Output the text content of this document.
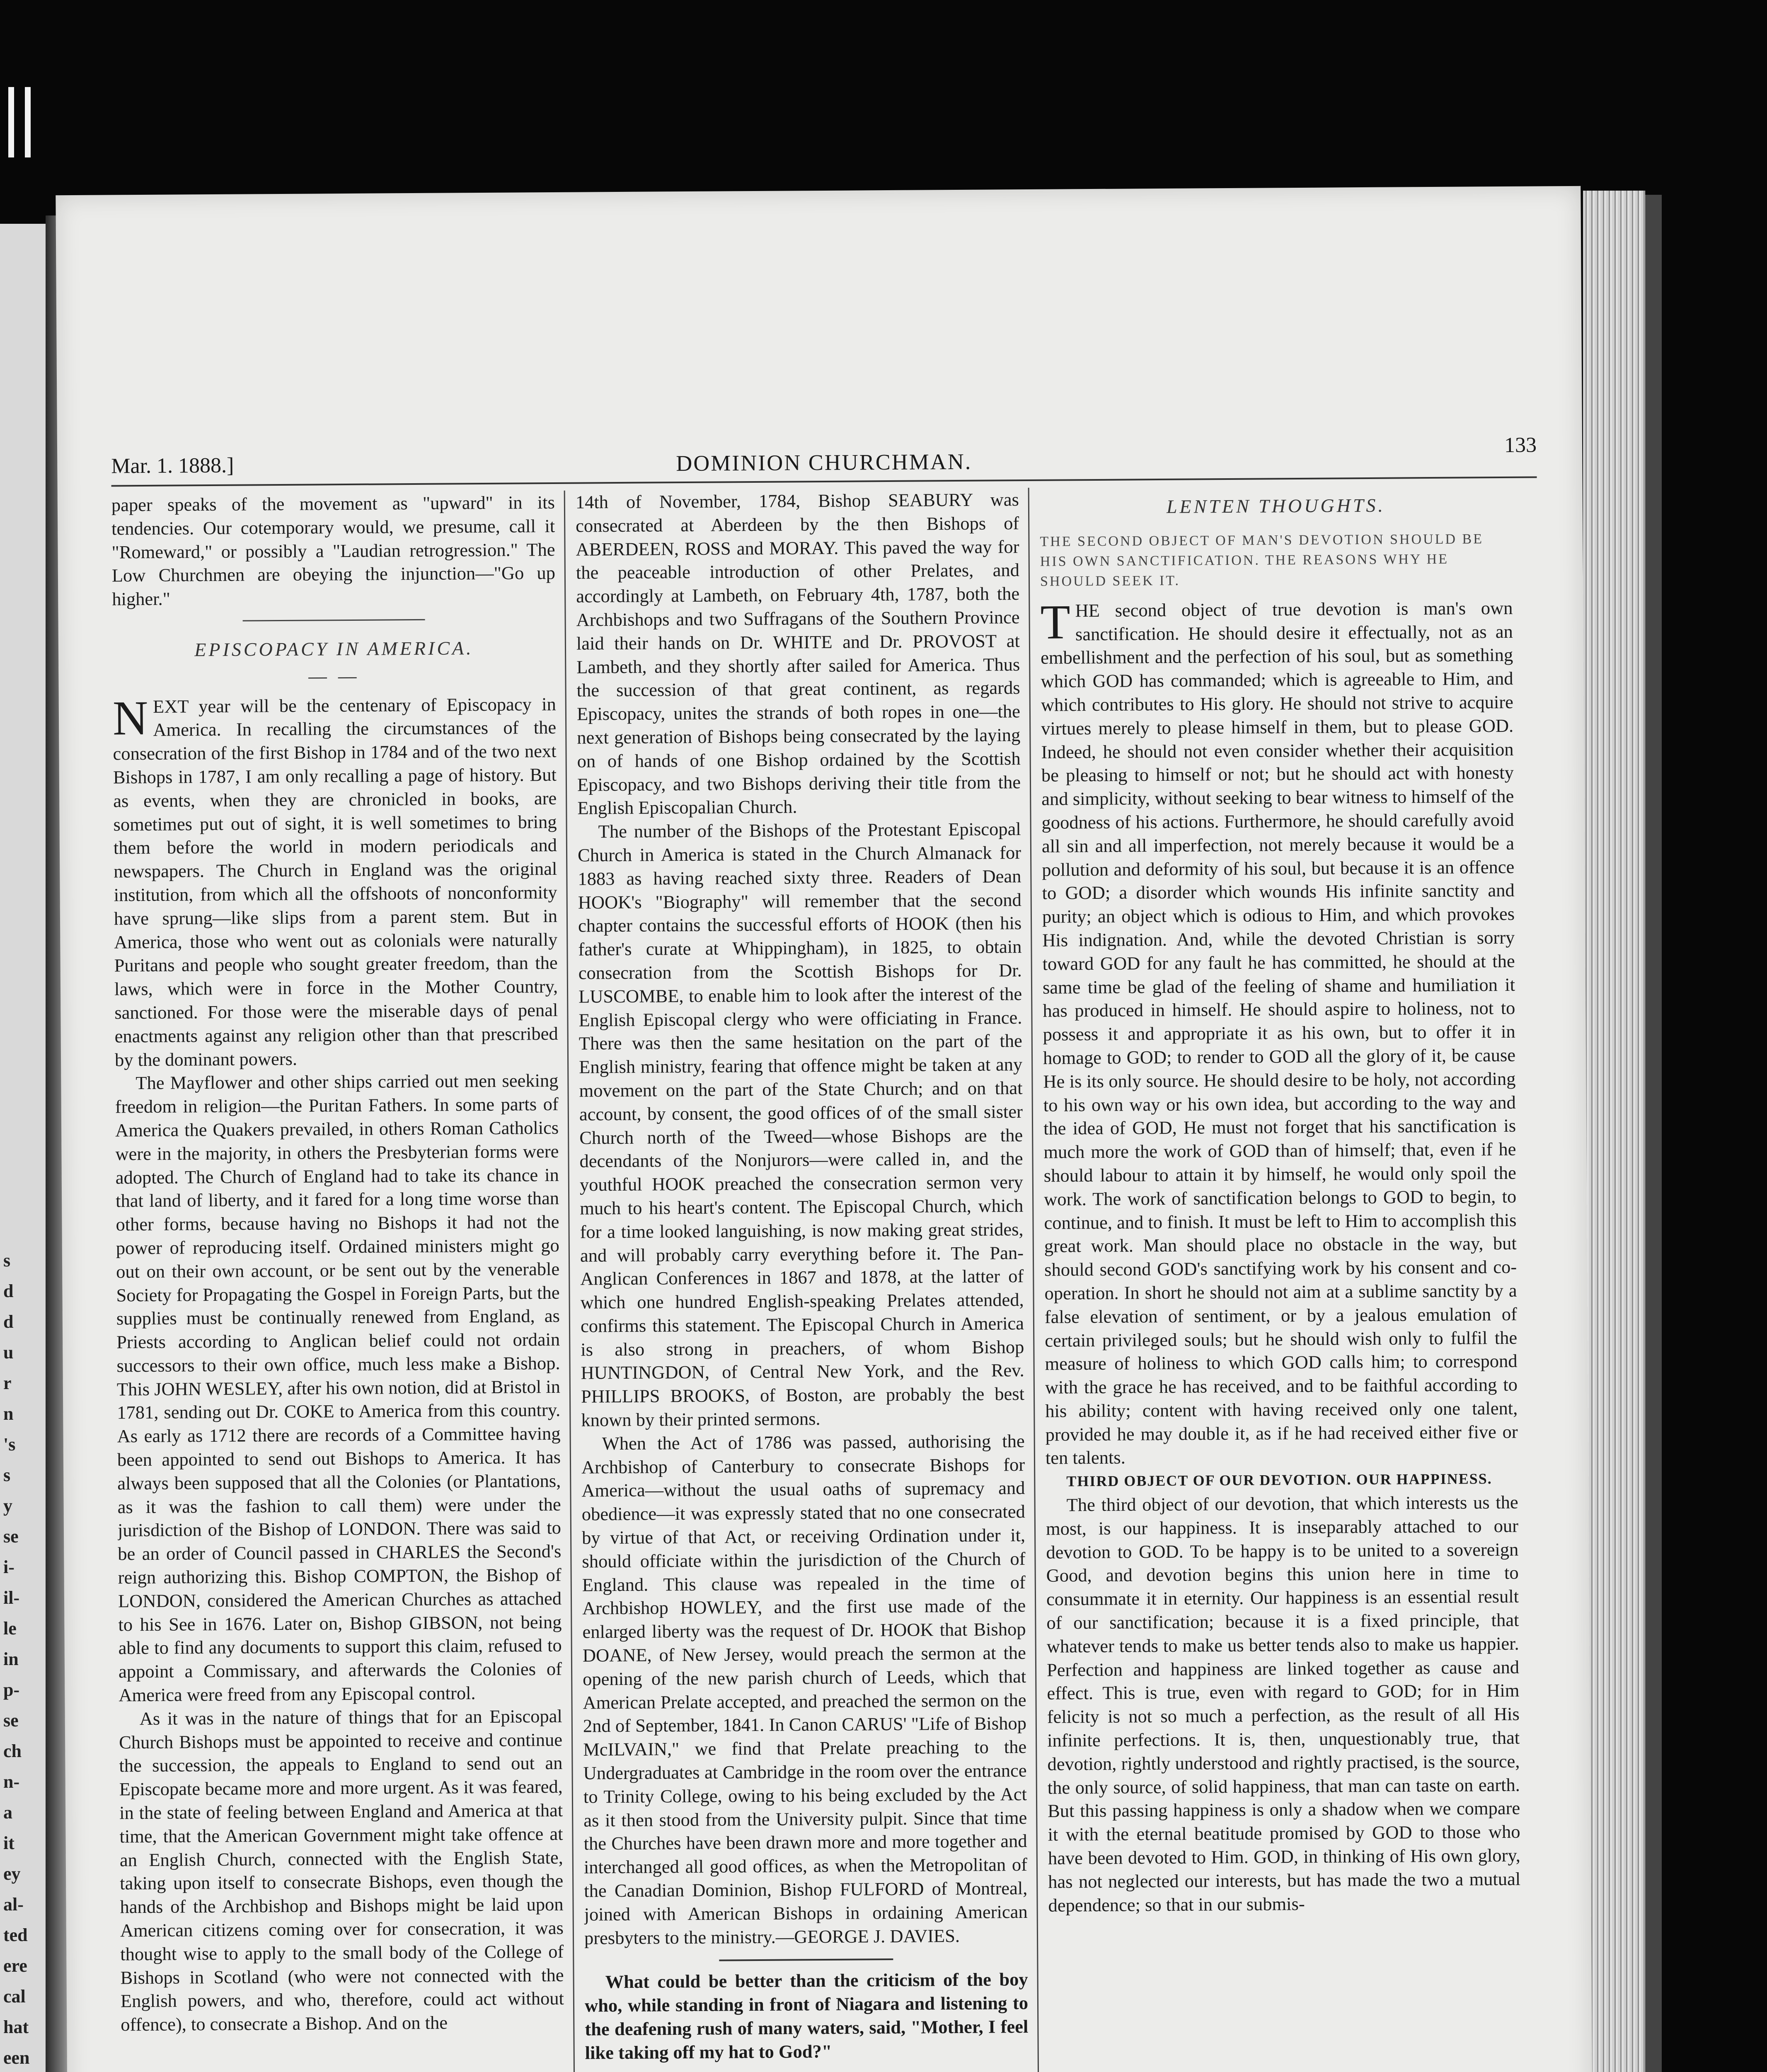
s
d
d
u
r
n
's
s
y
se
i-
il-
le
in
p-
se
ch
n-
a
it
ey
al-
ted
ere
cal
hat
een
Mar. 1. 1888.]	DOMINION CHURCHMAN.
133

paper speaks of the movement as "upward" in its tendencies. Our cotemporary would, we presume, call it "Romeward," or possibly a "Laudian retrogression." The Low Churchmen are obeying the injunction—"Go up higher."

EPISCOPACY IN AMERICA.
— —

NEXT year will be the centenary of Episcopacy in America. In recalling the circumstances of the consecration of the first Bishop in 1784 and of the two next Bishops in 1787, I am only recalling a page of history. But as events, when they are chronicled in books, are sometimes put out of sight, it is well sometimes to bring them before the world in modern periodicals and newspapers. The Church in England was the original institution, from which all the offshoots of nonconformity have sprung—like slips from a parent stem. But in America, those who went out as colonials were naturally Puritans and people who sought greater freedom, than the laws, which were in force in the Mother Country, sanctioned. For those were the miserable days of penal enactments against any religion other than that prescribed by the dominant powers.

The Mayflower and other ships carried out men seeking freedom in religion—the Puritan Fathers. In some parts of America the Quakers prevailed, in others Roman Catholics were in the majority, in others the Presbyterian forms were adopted. The Church of England had to take its chance in that land of liberty, and it fared for a long time worse than other forms, because having no Bishops it had not the power of reproducing itself. Ordained ministers might go out on their own account, or be sent out by the venerable Society for Propagating the Gospel in Foreign Parts, but the supplies must be continually renewed from England, as Priests according to Anglican belief could not ordain successors to their own office, much less make a Bishop. This JOHN WESLEY, after his own notion, did at Bristol in 1781, sending out Dr. COKE to America from this country. As early as 1712 there are records of a Committee having been appointed to send out Bishops to America. It has always been supposed that all the Colonies (or Plantations, as it was the fashion to call them) were under the jurisdiction of the Bishop of LONDON. There was said to be an order of Council passed in CHARLES the Second's reign authorizing this. Bishop COMPTON, the Bishop of LONDON, considered the American Churches as attached to his See in 1676. Later on, Bishop GIBSON, not being able to find any documents to support this claim, refused to appoint a Commissary, and afterwards the Colonies of America were freed from any Episcopal control.

As it was in the nature of things that for an Episcopal Church Bishops must be appointed to receive and continue the succession, the appeals to England to send out an Episcopate became more and more urgent. As it was feared, in the state of feeling between England and America at that time, that the American Government might take offence at an English Church, connected with the English State, taking upon itself to consecrate Bishops, even though the hands of the Archbishop and Bishops might be laid upon American citizens coming over for consecration, it was thought wise to apply to the small body of the College of Bishops in Scotland (who were not connected with the English powers, and who, therefore, could act without offence), to consecrate a Bishop. And on the

14th of November, 1784, Bishop SEABURY was consecrated at Aberdeen by the then Bishops of ABERDEEN, ROSS and MORAY. This paved the way for the peaceable introduction of other Prelates, and accordingly at Lambeth, on February 4th, 1787, both the Archbishops and two Suffragans of the Southern Province laid their hands on Dr. WHITE and Dr. PROVOST at Lambeth, and they shortly after sailed for America. Thus the succession of that great continent, as regards Episcopacy, unites the strands of both ropes in one—the next generation of Bishops being consecrated by the laying on of hands of one Bishop ordained by the Scottish Episcopacy, and two Bishops deriving their title from the English Episcopalian Church.

The number of the Bishops of the Protestant Episcopal Church in America is stated in the Church Almanack for 1883 as having reached sixty three. Readers of Dean HOOK's "Biography" will remember that the second chapter contains the successful efforts of HOOK (then his father's curate at Whippingham), in 1825, to obtain consecration from the Scottish Bishops for Dr. LUSCOMBE, to enable him to look after the interest of the English Episcopal clergy who were officiating in France. There was then the same hesitation on the part of the English ministry, fearing that offence might be taken at any movement on the part of the State Church; and on that account, by consent, the good offices of of the small sister Church north of the Tweed—whose Bishops are the decendants of the Nonjurors—were called in, and the youthful HOOK preached the consecration sermon very much to his heart's content. The Episcopal Church, which for a time looked languishing, is now making great strides, and will probably carry everything before it. The Pan-Anglican Conferences in 1867 and 1878, at the latter of which one hundred English-speaking Prelates attended, confirms this statement. The Episcopal Church in America is also strong in preachers, of whom Bishop HUNTINGDON, of Central New York, and the Rev. PHILLIPS BROOKS, of Boston, are probably the best known by their printed sermons.

When the Act of 1786 was passed, authorising the Archbishop of Canterbury to consecrate Bishops for America—without the usual oaths of supremacy and obedience—it was expressly stated that no one consecrated by virtue of that Act, or receiving Ordination under it, should officiate within the jurisdiction of the Church of England. This clause was repealed in the time of Archbishop HOWLEY, and the first use made of the enlarged liberty was the request of Dr. HOOK that Bishop DOANE, of New Jersey, would preach the sermon at the opening of the new parish church of Leeds, which that American Prelate accepted, and preached the sermon on the 2nd of September, 1841. In Canon CARUS' "Life of Bishop McILVAIN," we find that Prelate preaching to the Undergraduates at Cambridge in the room over the entrance to Trinity College, owing to his being excluded by the Act as it then stood from the University pulpit. Since that time the Churches have been drawn more and more together and interchanged all good offices, as when the Metropolitan of the Canadian Dominion, Bishop FULFORD of Montreal, joined with American Bishops in ordaining American presbyters to the ministry.—GEORGE J. DAVIES.

What could be better than the criticism of the boy who, while standing in front of Niagara and listening to the deafening rush of many waters, said, "Mother, I feel like taking off my hat to God?"

LENTEN THOUGHTS.
THE SECOND OBJECT OF MAN'S DEVOTION SHOULD BE HIS OWN SANCTIFICATION. THE REASONS WHY HE SHOULD SEEK IT.

THE second object of true devotion is man's own sanctification. He should desire it effectually, not as an embellishment and the perfection of his soul, but as something which GOD has commanded; which is agreeable to Him, and which contributes to His glory. He should not strive to acquire virtues merely to please himself in them, but to please GOD. Indeed, he should not even consider whether their acquisition be pleasing to himself or not; but he should act with honesty and simplicity, without seeking to bear witness to himself of the goodness of his actions. Furthermore, he should carefully avoid all sin and all imperfection, not merely because it would be a pollution and deformity of his soul, but because it is an offence to GOD; a disorder which wounds His infinite sanctity and purity; an object which is odious to Him, and which provokes His indignation. And, while the devoted Christian is sorry toward GOD for any fault he has committed, he should at the same time be glad of the feeling of shame and humiliation it has produced in himself. He should aspire to holiness, not to possess it and appropriate it as his own, but to offer it in homage to GOD; to render to GOD all the glory of it, be cause He is its only source. He should desire to be holy, not according to his own way or his own idea, but according to the way and the idea of GOD, He must not forget that his sanctification is much more the work of GOD than of himself; that, even if he should labour to attain it by himself, he would only spoil the work. The work of sanctification belongs to GOD to begin, to continue, and to finish. It must be left to Him to accomplish this great work. Man should place no obstacle in the way, but should second GOD's sanctifying work by his consent and co-operation. In short he should not aim at a sublime sanctity by a false elevation of sentiment, or by a jealous emulation of certain privileged souls; but he should wish only to fulfil the measure of holiness to which GOD calls him; to correspond with the grace he has received, and to be faithful according to his ability; content with having received only one talent, provided he may double it, as if he had received either five or ten talents.

THIRD OBJECT OF OUR DEVOTION. OUR HAPPINESS.

The third object of our devotion, that which interests us the most, is our happiness. It is inseparably attached to our devotion to GOD. To be happy is to be united to a sovereign Good, and devotion begins this union here in time to consummate it in eternity. Our happiness is an essential result of our sanctification; because it is a fixed principle, that whatever tends to make us better tends also to make us happier. Perfection and happiness are linked together as cause and effect. This is true, even with regard to GOD; for in Him felicity is not so much a perfection, as the result of all His infinite perfections. It is, then, unquestionably true, that devotion, rightly understood and rightly practised, is the source, the only source, of solid happiness, that man can taste on earth. But this passing happiness is only a shadow when we compare it with the eternal beatitude promised by GOD to those who have been devoted to Him. GOD, in thinking of His own glory, has not neglected our interests, but has made the two a mutual dependence; so that in our submis-
